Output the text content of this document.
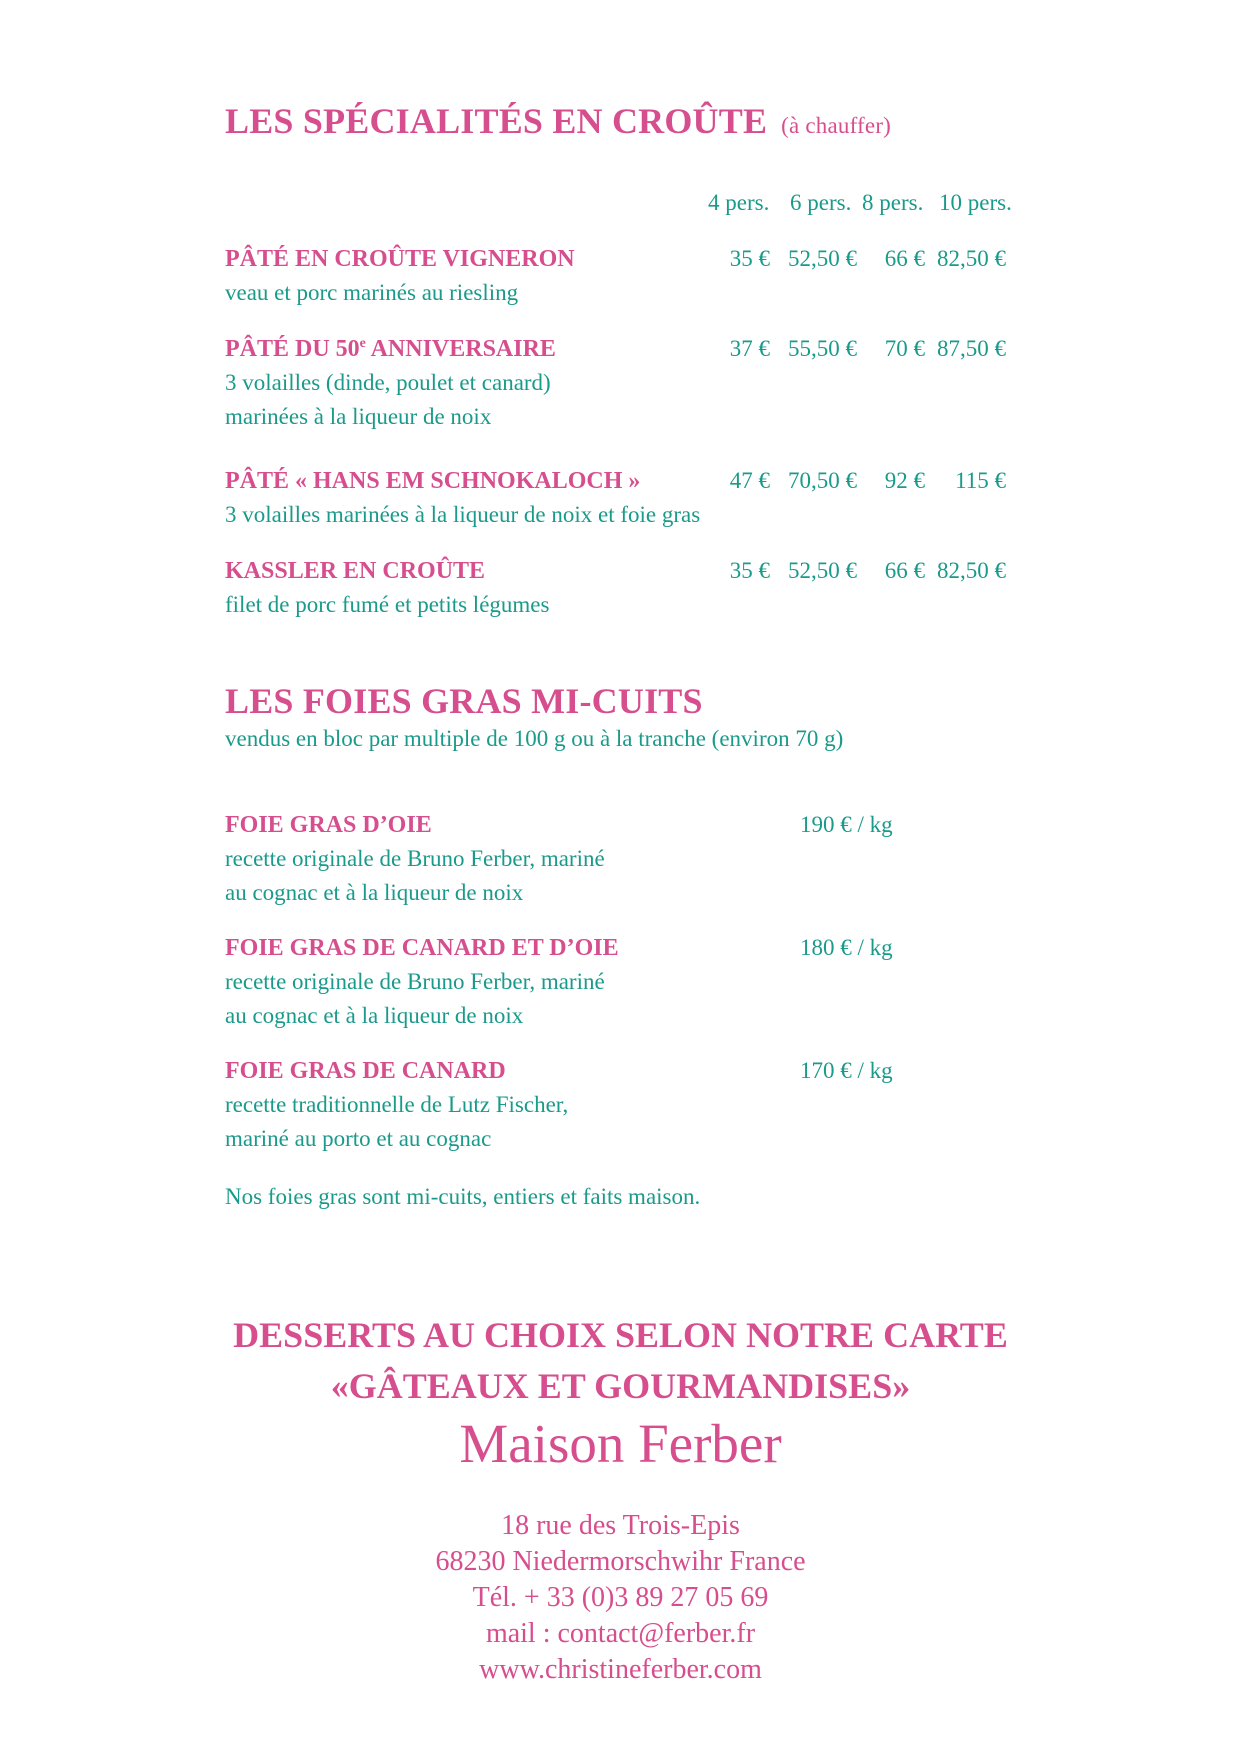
LES SPÉCIALITÉS EN CROÛTE (à chauffer)
4 pers. 6 pers. 8 pers. 10 pers.
PÂTÉ EN CROÛTE VIGNERON
veau et porc marinés au riesling
35 € 52,50 €	66 € 82,50 €
PÂTÉ DU 50e ANNIVERSAIRE
3 volailles (dinde, poulet et canard)
marinées à la liqueur de noix
37 € 55,50 €	70 € 87,50 €
PÂTÉ « HANS EM SCHNOKALOCH »
3 volailles marinées à la liqueur de noix et foie gras
47 € 70,50 €	92 €	115 €
KASSLER EN CROÛTE
filet de porc fumé et petits légumes
35 € 52,50 €	66 € 82,50 €
LES FOIES GRAS MI-CUITS
vendus en bloc par multiple de 100 g ou à la tranche (environ 70 g)
FOIE GRAS D’OIE
recette originale de Bruno Ferber, mariné
au cognac et à la liqueur de noix
190 € / kg
FOIE GRAS DE CANARD ET D’OIE
recette originale de Bruno Ferber, mariné
au cognac et à la liqueur de noix
180 € / kg
FOIE GRAS DE CANARD
recette traditionnelle de Lutz Fischer,
mariné au porto et au cognac
170 € / kg
Nos foies gras sont mi-cuits, entiers et faits maison.
DESSERTS AU CHOIX SELON NOTRE CARTE
«GÂTEAUX ET GOURMANDISES»
Maison Ferber
18 rue des Trois-Epis
68230 Niedermorschwihr France
Tél. + 33 (0)3 89 27 05 69
mail : contact@ferber.fr
www.christineferber.com
